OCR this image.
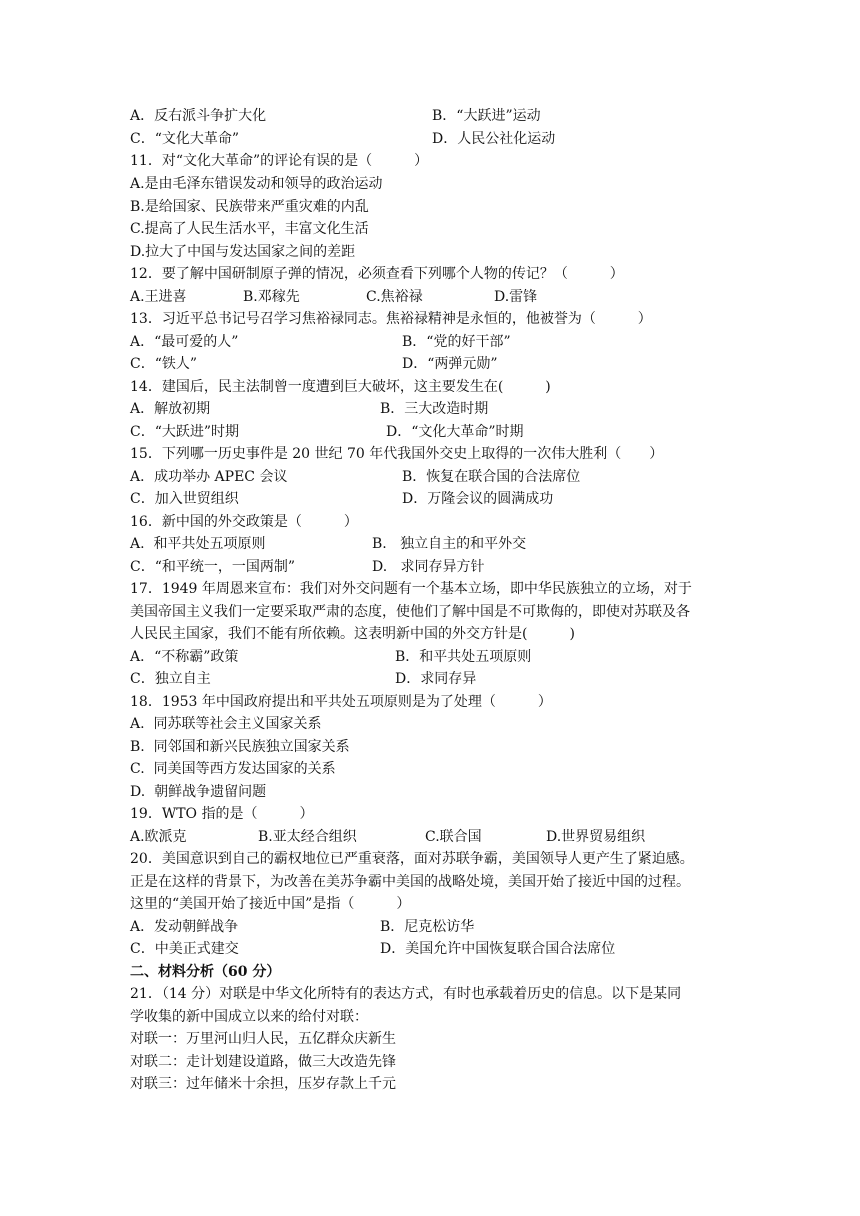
A．反右派斗争扩大化	B．“大跃进”运动
C．“文化大革命”	D．人民公社化运动
11．对“文化大革命”的评论有误的是（　　　）
A.是由毛泽东错误发动和领导的政治运动
B.是给国家、民族带来严重灾难的内乱
C.提高了人民生活水平，丰富文化生活
D.拉大了中国与发达国家之间的差距
12．要了解中国研制原子弹的情况，必须查看下列哪个人物的传记？（　　　）
A.王进喜	B.邓稼先	C.焦裕禄	D.雷锋
13．习近平总书记号召学习焦裕禄同志。焦裕禄精神是永恒的，他被誉为（　　　）
A．“最可爱的人”	B．“党的好干部”
C．“铁人”	D．“两弹元勋”
14．建国后，民主法制曾一度遭到巨大破坏，这主要发生在(　　　)
A．解放初期	B．三大改造时期
C．“大跃进”时期	D．“文化大革命”时期
15．下列哪一历史事件是 20 世纪 70 年代我国外交史上取得的一次伟大胜利（　　）
A．成功举办 APEC 会议	B．恢复在联合国的合法席位
C．加入世贸组织	D．万隆会议的圆满成功
16．新中国的外交政策是（　　　）
A.  和平共处五项原则	B.   独立自主的和平外交
C．“和平统一，一国两制”	D.   求同存异方针
17．1949 年周恩来宣布：我们对外交问题有一个基本立场，即中华民族独立的立场，对于
美国帝国主义我们一定要采取严肃的态度，使他们了解中国是不可欺侮的，即使对苏联及各
人民民主国家，我们不能有所依赖。这表明新中国的外交方针是(　　　)
A．“不称霸”政策	B．和平共处五项原则
C．独立自主	D．求同存异
18．1953 年中国政府提出和平共处五项原则是为了处理（　　　）
A.  同苏联等社会主义国家关系
B.  同邻国和新兴民族独立国家关系
C.  同美国等西方发达国家的关系
D.  朝鲜战争遗留问题
19．WTO 指的是（　　　）
A.欧派克	B.亚太经合组织	C.联合国	D.世界贸易组织
20．美国意识到自己的霸权地位已严重衰落，面对苏联争霸，美国领导人更产生了紧迫感。
正是在这样的背景下，为改善在美苏争霸中美国的战略处境，美国开始了接近中国的过程。
这里的“美国开始了接近中国”是指（　　　）
A．发动朝鲜战争	B．尼克松访华
C．中美正式建交	D．美国允许中国恢复联合国合法席位
二、材料分析（60 分）
21．（14 分）对联是中华文化所特有的表达方式，有时也承载着历史的信息。以下是某同
学收集的新中国成立以来的给付对联：
对联一：万里河山归人民，五亿群众庆新生
对联二：走计划建设道路，做三大改造先锋
对联三：过年储米十余担，压岁存款上千元
